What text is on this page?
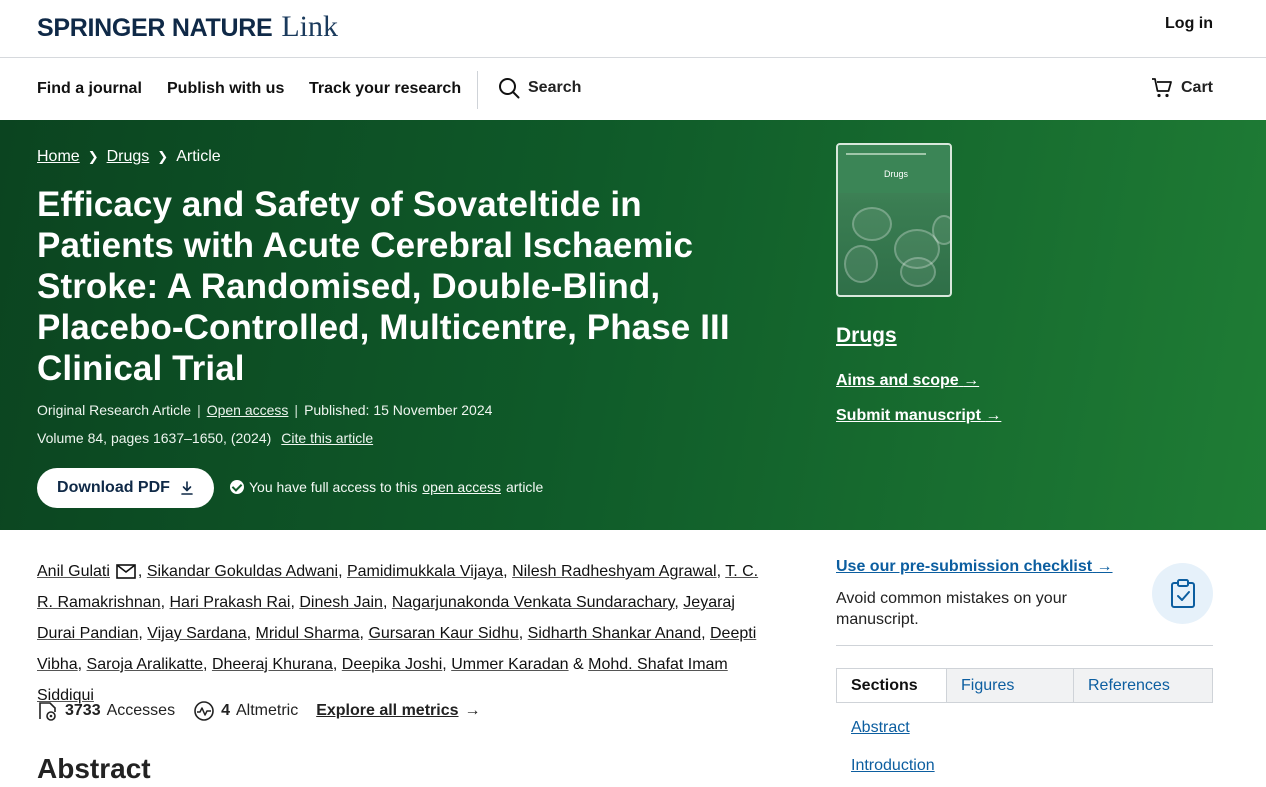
SPRINGER NATURE Link	Log in
Find a journal Publish with us Track your research	Search	Cart
Home ❯ Drugs ❯ Article
Efficacy and Safety of Sovateltide in Patients with Acute Cerebral Ischaemic Stroke: A Randomised, Double-Blind, Placebo-Controlled, Multicentre, Phase III Clinical Trial
Original Research Article | Open access | Published: 15 November 2024
Volume 84, pages 1637–1650, (2024) Cite this article
Download PDF	You have full access to this open access article
Drugs
Drugs
Aims and scope →
Submit manuscript →
Anil Gulati , Sikandar Gokuldas Adwani, Pamidimukkala Vijaya, Nilesh Radheshyam Agrawal, T. C. R. Ramakrishnan, Hari Prakash Rai, Dinesh Jain, Nagarjunakonda Venkata Sundarachary, Jeyaraj Durai Pandian, Vijay Sardana, Mridul Sharma, Gursaran Kaur Sidhu, Sidharth Shankar Anand, Deepti Vibha, Saroja Aralikatte, Dheeraj Khurana, Deepika Joshi, Ummer Karadan & Mohd. Shafat Imam Siddiqui
3733 Accesses	4 Altmetric Explore all metrics →
Abstract
Use our pre-submission checklist →
Avoid common mistakes on your manuscript.
Sections	Figures	References
Abstract
Introduction
